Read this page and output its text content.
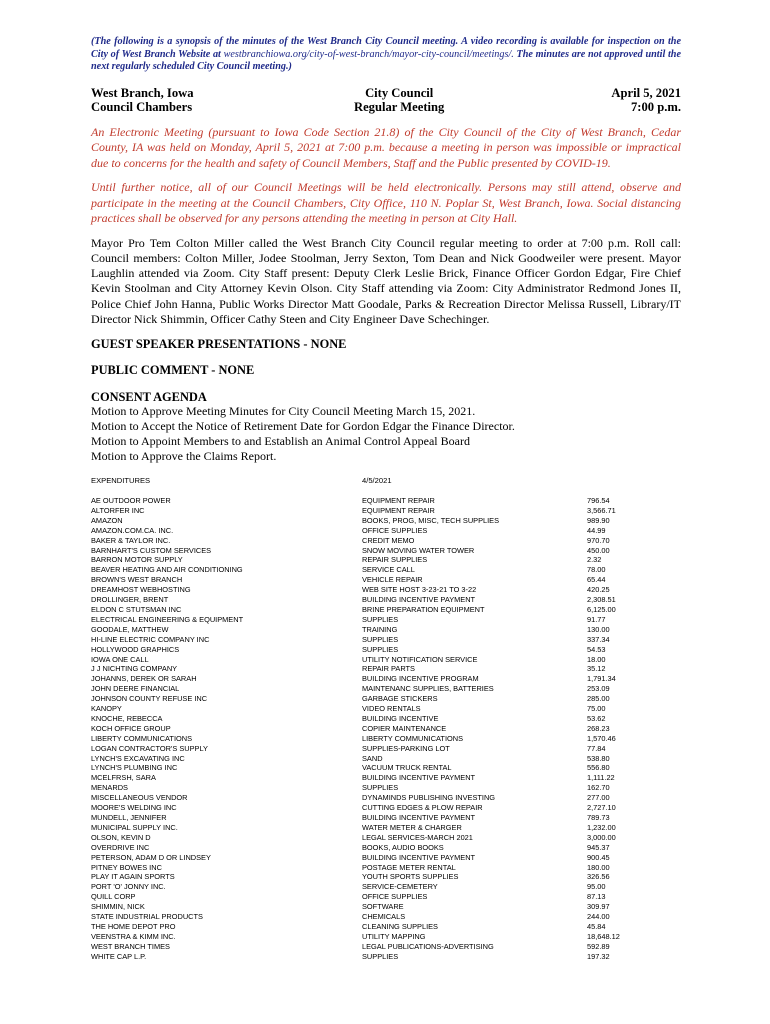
(The following is a synopsis of the minutes of the West Branch City Council meeting. A video recording is available for inspection on the City of West Branch Website at westbranchiowa.org/city-of-west-branch/mayor-city-council/meetings/. The minutes are not approved until the next regularly scheduled City Council meeting.)

West Branch, Iowa
Council Chambers
City Council
Regular Meeting
April 5, 2021
7:00 p.m.

An Electronic Meeting (pursuant to Iowa Code Section 21.8) of the City Council of the City of West Branch, Cedar County, IA was held on Monday, April 5, 2021 at 7:00 p.m. because a meeting in person was impossible or impractical due to concerns for the health and safety of Council Members, Staff and the Public presented by COVID-19.

Until further notice, all of our Council Meetings will be held electronically. Persons may still attend, observe and participate in the meeting at the Council Chambers, City Office, 110 N. Poplar St, West Branch, Iowa. Social distancing practices shall be observed for any persons attending the meeting in person at City Hall.

Mayor Pro Tem Colton Miller called the West Branch City Council regular meeting to order at 7:00 p.m. Roll call: Council members: Colton Miller, Jodee Stoolman, Jerry Sexton, Tom Dean and Nick Goodweiler were present. Mayor Laughlin attended via Zoom. City Staff present: Deputy Clerk Leslie Brick, Finance Officer Gordon Edgar, Fire Chief Kevin Stoolman and City Attorney Kevin Olson. City Staff attending via Zoom: City Administrator Redmond Jones II, Police Chief John Hanna, Public Works Director Matt Goodale, Parks & Recreation Director Melissa Russell, Library/IT Director Nick Shimmin, Officer Cathy Steen and City Engineer Dave Schechinger.

GUEST SPEAKER PRESENTATIONS - NONE

PUBLIC COMMENT - NONE

CONSENT AGENDA

Motion to Approve Meeting Minutes for City Council Meeting March 15, 2021.

Motion to Accept the Notice of Retirement Date for Gordon Edgar the Finance Director.

Motion to Appoint Members to and Establish an Animal Control Appeal Board

Motion to Approve the Claims Report.

EXPENDITURES	4/5/2021
AE OUTDOOR POWER	EQUIPMENT REPAIR	796.54
ALTORFER INC	EQUIPMENT REPAIR	3,566.71
AMAZON	BOOKS, PROG, MISC, TECH SUPPLIES	989.90
AMAZON.COM.CA. INC.	OFFICE SUPPLIES	44.99
BAKER & TAYLOR INC.	CREDIT MEMO	970.70
BARNHART'S CUSTOM SERVICES	SNOW MOVING WATER TOWER	450.00
BARRON MOTOR SUPPLY	REPAIR SUPPLIES	2.32
BEAVER HEATING AND AIR CONDITIONING	SERVICE CALL	78.00
BROWN'S WEST BRANCH	VEHICLE REPAIR	65.44
DREAMHOST WEBHOSTING	WEB SITE HOST 3-23-21 TO 3-22	420.25
DROLLINGER, BRENT	BUILDING INCENTIVE PAYMENT	2,308.51
ELDON C STUTSMAN INC	BRINE PREPARATION EQUIPMENT	6,125.00
ELECTRICAL ENGINEERING & EQUIPMENT	SUPPLIES	91.77
GOODALE, MATTHEW	TRAINING	130.00
HI-LINE ELECTRIC COMPANY INC	SUPPLIES	337.34
HOLLYWOOD GRAPHICS	SUPPLIES	54.53
IOWA ONE CALL	UTILITY NOTIFICATION SERVICE	18.00
J J NICHTING COMPANY	REPAIR PARTS	35.12
JOHANNS, DEREK OR SARAH	BUILDING INCENTIVE PROGRAM	1,791.34
JOHN DEERE FINANCIAL	MAINTENANC SUPPLIES, BATTERIES	253.09
JOHNSON COUNTY REFUSE INC	GARBAGE STICKERS	285.00
KANOPY	VIDEO RENTALS	75.00
KNOCHE, REBECCA	BUILDING INCENTIVE	53.62
KOCH OFFICE GROUP	COPIER MAINTENANCE	268.23
LIBERTY COMMUNICATIONS	LIBERTY COMMUNICATIONS	1,570.46
LOGAN CONTRACTOR'S SUPPLY	SUPPLIES-PARKING LOT	77.84
LYNCH'S EXCAVATING INC	SAND	538.80
LYNCH'S PLUMBING INC	VACUUM TRUCK RENTAL	556.80
MCELFRSH, SARA	BUILDING INCENTIVE PAYMENT	1,111.22
MENARDS	SUPPLIES	162.70
MISCELLANEOUS VENDOR	DYNAMINDS PUBLISHING INVESTING	277.00
MOORE'S WELDING INC	CUTTING EDGES & PLOW REPAIR	2,727.10
MUNDELL, JENNIFER	BUILDING INCENTIVE PAYMENT	789.73
MUNICIPAL SUPPLY INC.	WATER METER & CHARGER	1,232.00
OLSON, KEVIN D	LEGAL SERVICES-MARCH 2021	3,000.00
OVERDRIVE INC	BOOKS, AUDIO BOOKS	945.37
PETERSON, ADAM D OR LINDSEY	BUILDING INCENTIVE PAYMENT	900.45
PITNEY BOWES INC	POSTAGE METER RENTAL	180.00
PLAY IT AGAIN SPORTS	YOUTH SPORTS SUPPLIES	326.56
PORT 'O' JONNY INC.	SERVICE-CEMETERY	95.00
QUILL CORP	OFFICE SUPPLIES	87.13
SHIMMIN, NICK	SOFTWARE	309.97
STATE INDUSTRIAL PRODUCTS	CHEMICALS	244.00
THE HOME DEPOT PRO	CLEANING SUPPLIES	45.84
VEENSTRA & KIMM INC.	UTILITY MAPPING	18,648.12
WEST BRANCH TIMES	LEGAL PUBLICATIONS-ADVERTISING	592.89
WHITE CAP L.P.	SUPPLIES	197.32
